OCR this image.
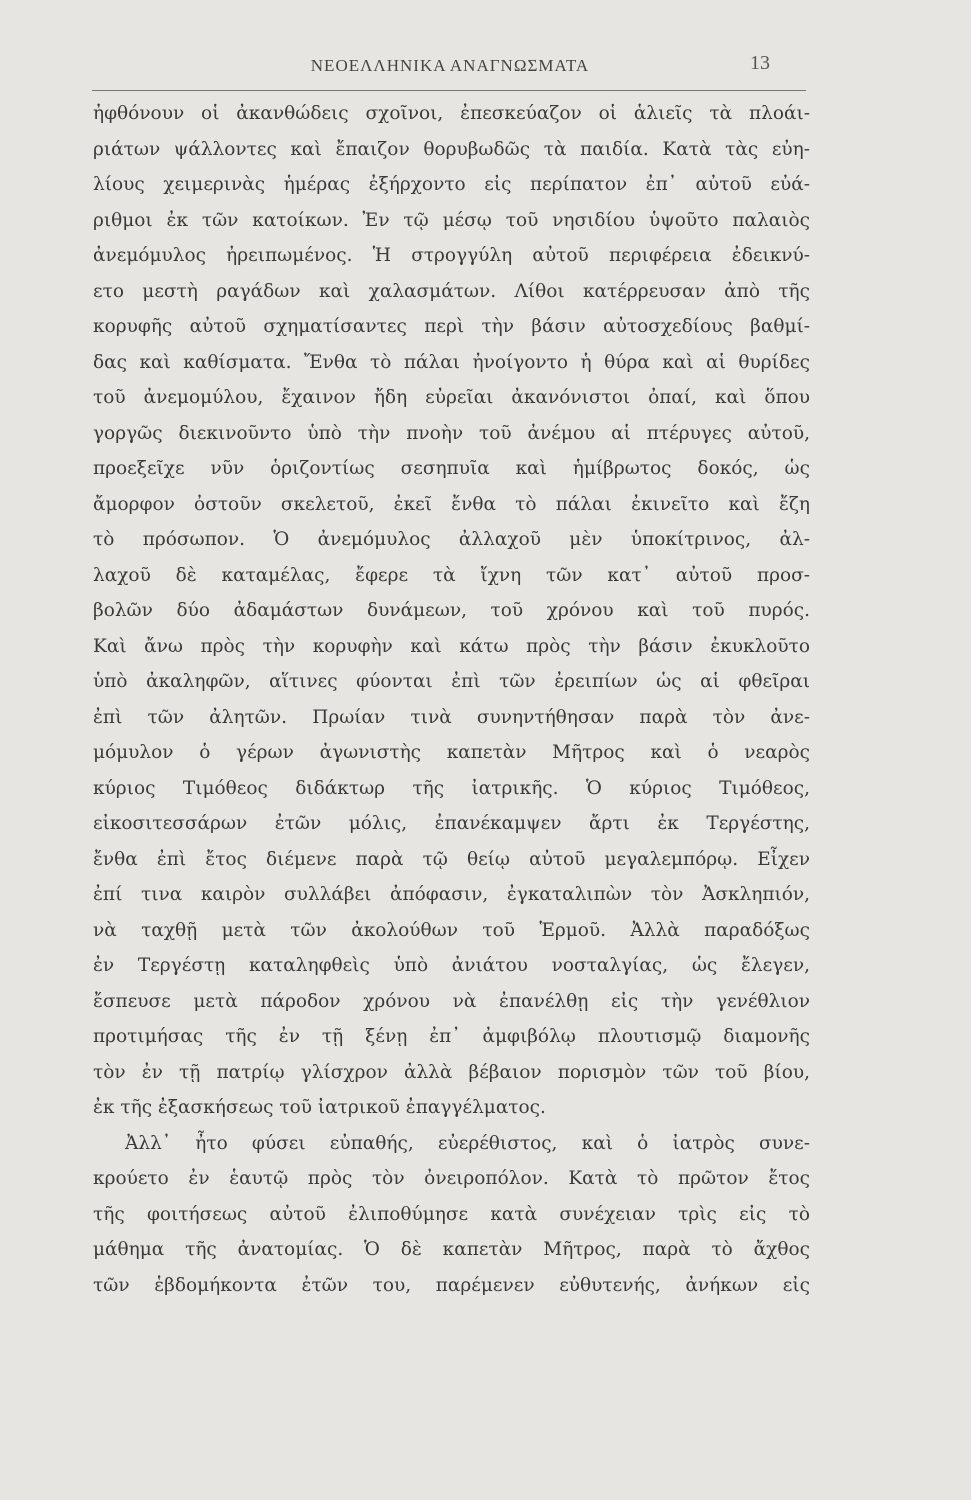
ΝΕΟΕΛΛΗΝΙΚΑ ΑΝΑΓΝΩΣΜΑΤΑ	13
ἠφθόνουν οἱ ἀκανθώδεις σχοῖνοι, ἐπεσκεύαζον οἱ ἁλιεῖς τὰ πλοάι-
ριάτων ψάλλοντες καὶ ἔπαιζον θορυβωδῶς τὰ παιδία. Κατὰ τὰς εὐη-
λίους χειμερινὰς ἡμέρας ἐξήρχοντο εἰς περίπατον ἐπ᾽ αὐτοῦ εὐά-
ριθμοι ἐκ τῶν κατοίκων. Ἐν τῷ μέσῳ τοῦ νησιδίου ὑψοῦτο παλαιὸς
ἀνεμόμυλος ἠρειπωμένος. Ἡ στρογγύλη αὐτοῦ περιφέρεια ἐδεικνύ-
ετο μεστὴ ραγάδων καὶ χαλασμάτων. Λίθοι κατέρρευσαν ἀπὸ τῆς
κορυφῆς αὐτοῦ σχηματίσαντες περὶ τὴν βάσιν αὐτοσχεδίους βαθμί-
δας καὶ καθίσματα. Ἔνθα τὸ πάλαι ἠνοίγοντο ἡ θύρα καὶ αἱ θυρίδες
τοῦ ἀνεμομύλου, ἔχαινον ἤδη εὐρεῖαι ἀκανόνιστοι ὀπαί, καὶ ὅπου
γοργῶς διεκινοῦντο ὑπὸ τὴν πνοὴν τοῦ ἀνέμου αἱ πτέρυγες αὐτοῦ,
προεξεῖχε νῦν ὁριζοντίως σεσηπυῖα καὶ ἡμίβρωτος δοκός, ὡς
ἄμορφον ὀστοῦν σκελετοῦ, ἐκεῖ ἔνθα τὸ πάλαι ἐκινεῖτο καὶ ἔζη
τὸ πρόσωπον. Ὁ ἀνεμόμυλος ἀλλαχοῦ μὲν ὑποκίτρινος, ἀλ-
λαχοῦ δὲ καταμέλας, ἔφερε τὰ ἴχνη τῶν κατ᾽ αὐτοῦ προσ-
βολῶν δύο ἀδαμάστων δυνάμεων, τοῦ χρόνου καὶ τοῦ πυρός.
Καὶ ἄνω πρὸς τὴν κορυφὴν καὶ κάτω πρὸς τὴν βάσιν ἐκυκλοῦτο
ὑπὸ ἀκαληφῶν, αἵτινες φύονται ἐπὶ τῶν ἐρειπίων ὡς αἱ φθεῖραι
ἐπὶ τῶν ἀλητῶν. Πρωίαν τινὰ συνηντήθησαν παρὰ τὸν ἀνε-
μόμυλον ὁ γέρων ἀγωνιστὴς καπετὰν Μῆτρος καὶ ὁ νεαρὸς
κύριος Τιμόθεος διδάκτωρ τῆς ἰατρικῆς. Ὁ κύριος Τιμόθεος,
εἰκοσιτεσσάρων ἐτῶν μόλις, ἐπανέκαμψεν ἄρτι ἐκ Τεργέστης,
ἔνθα ἐπὶ ἔτος διέμενε παρὰ τῷ θείῳ αὐτοῦ μεγαλεμπόρῳ. Εἶχεν
ἐπί τινα καιρὸν συλλάβει ἀπόφασιν, ἐγκαταλιπὼν τὸν Ἀσκληπιόν,
νὰ ταχθῇ μετὰ τῶν ἀκολούθων τοῦ Ἑρμοῦ. Ἀλλὰ παραδόξως
ἐν Τεργέστῃ καταληφθεὶς ὑπὸ ἀνιάτου νοσταλγίας, ὡς ἔλεγεν,
ἔσπευσε μετὰ πάροδον χρόνου νὰ ἐπανέλθῃ εἰς τὴν γενέθλιον
προτιμήσας τῆς ἐν τῇ ξένῃ ἐπ᾽ ἀμφιβόλῳ πλουτισμῷ διαμονῆς
τὸν ἐν τῇ πατρίῳ γλίσχρον ἀλλὰ βέβαιον πορισμὸν τῶν τοῦ βίου,
ἐκ τῆς ἐξασκήσεως τοῦ ἰατρικοῦ ἐπαγγέλματος.
Ἀλλ᾽ ἦτο φύσει εὐπαθής, εὐερέθιστος, καὶ ὁ ἰατρὸς συνε-
κρούετο ἐν ἑαυτῷ πρὸς τὸν ὀνειροπόλον. Κατὰ τὸ πρῶτον ἔτος
τῆς φοιτήσεως αὐτοῦ ἐλιποθύμησε κατὰ συνέχειαν τρὶς εἰς τὸ
μάθημα τῆς ἀνατομίας. Ὁ δὲ καπετὰν Μῆτρος, παρὰ τὸ ἄχθος
τῶν ἑβδομήκοντα ἐτῶν του, παρέμενεν εὐθυτενής, ἀνήκων εἰς
